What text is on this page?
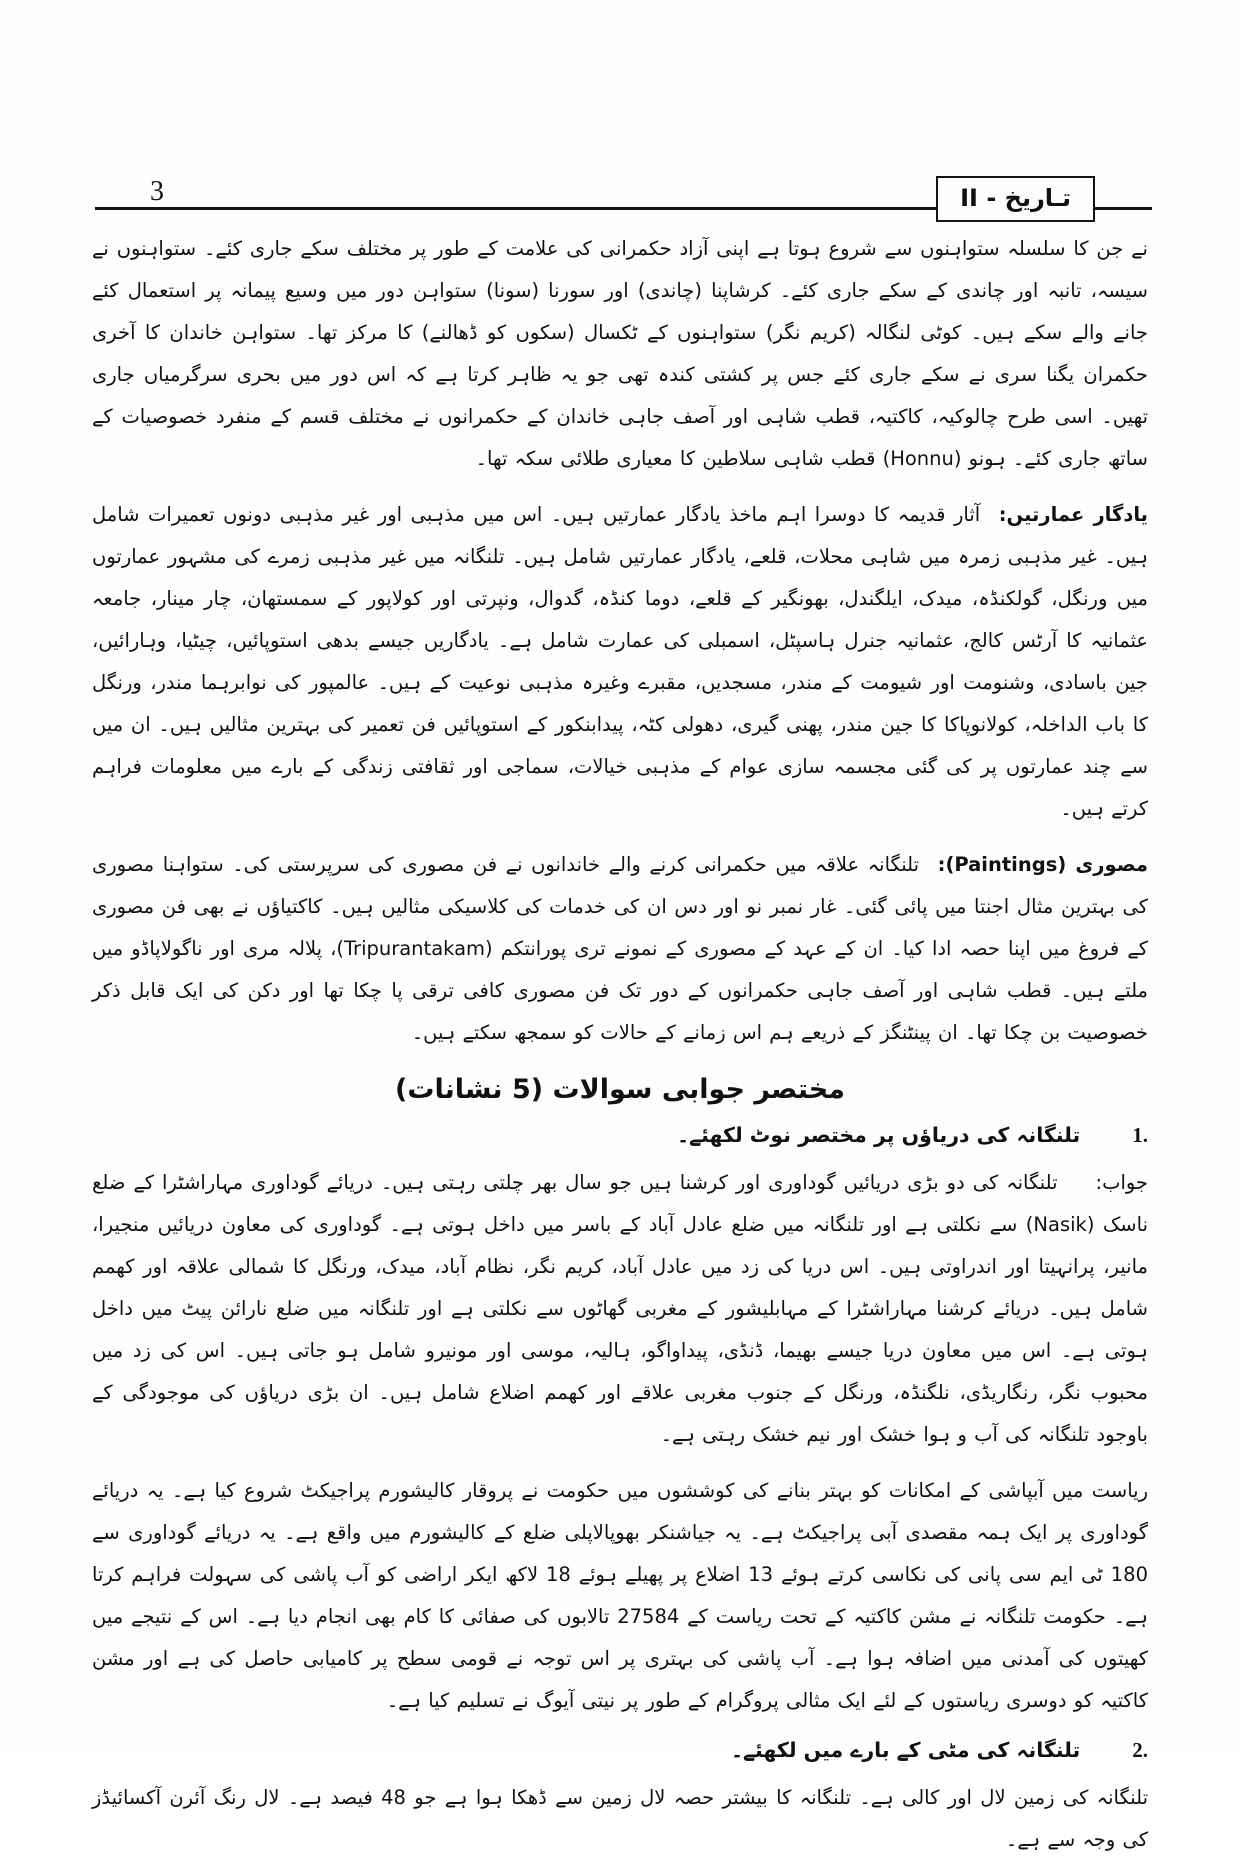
3	تـاریخ - II

نے جن کا سلسلہ ستواہنوں سے شروع ہوتا ہے اپنی آزاد حکمرانی کی علامت کے طور پر مختلف سکے جاری کئے۔ ستواہنوں نے سیسہ، تانبہ اور چاندی کے سکے جاری کئے۔ کرشاپنا (چاندی) اور سورنا (سونا) ستواہن دور میں وسیع پیمانہ پر استعمال کئے جانے والے سکے ہیں۔ کوٹی لنگالہ (کریم نگر) ستواہنوں کے ٹکسال (سکوں کو ڈھالنے) کا مرکز تھا۔ ستواہن خاندان کا آخری حکمران یگنا سری نے سکے جاری کئے جس پر کشتی کندہ تھی جو یہ ظاہر کرتا ہے کہ اس دور میں بحری سرگرمیاں جاری تھیں۔ اسی طرح چالوکیہ، کاکتیہ، قطب شاہی اور آصف جاہی خاندان کے حکمرانوں نے مختلف قسم کے منفرد خصوصیات کے ساتھ جاری کئے۔ ہونو (Honnu) قطب شاہی سلاطین کا معیاری طلائی سکہ تھا۔

یادگار عمارتیں: آثار قدیمہ کا دوسرا اہم ماخذ یادگار عمارتیں ہیں۔ اس میں مذہبی اور غیر مذہبی دونوں تعمیرات شامل ہیں۔ غیر مذہبی زمرہ میں شاہی محلات، قلعے، یادگار عمارتیں شامل ہیں۔ تلنگانہ میں غیر مذہبی زمرے کی مشہور عمارتوں میں ورنگل، گولکنڈہ، میدک، ایلگندل، بھونگیر کے قلعے، دوما کنڈہ، گدوال، ونپرتی اور کولاپور کے سمستھان، چار مینار، جامعہ عثمانیہ کا آرٹس کالج، عثمانیہ جنرل ہاسپٹل، اسمبلی کی عمارت شامل ہے۔ یادگاریں جیسے بدھی استوپائیں، چیٹیا، وہارائیں، جین باسادی، وشنومت اور شیومت کے مندر، مسجدیں، مقبرے وغیرہ مذہبی نوعیت کے ہیں۔ عالمپور کی نوابرہما مندر، ورنگل کا باب الداخلہ، کولانوپاکا کا جین مندر، پھنی گیری، دھولی کٹہ، پیدابنکور کے استوپائیں فن تعمیر کی بہترین مثالیں ہیں۔ ان میں سے چند عمارتوں پر کی گئی مجسمہ سازی عوام کے مذہبی خیالات، سماجی اور ثقافتی زندگی کے بارے میں معلومات فراہم کرتے ہیں۔

مصوری (Paintings): تلنگانہ علاقہ میں حکمرانی کرنے والے خاندانوں نے فن مصوری کی سرپرستی کی۔ ستواہنا مصوری کی بہترین مثال اجنتا میں پائی گئی۔ غار نمبر نو اور دس ان کی خدمات کی کلاسیکی مثالیں ہیں۔ کاکتیاؤں نے بھی فن مصوری کے فروغ میں اپنا حصہ ادا کیا۔ ان کے عہد کے مصوری کے نمونے تری پورانتکم (Tripurantakam)، پلالہ مری اور ناگولاپاڈو میں ملتے ہیں۔ قطب شاہی اور آصف جاہی حکمرانوں کے دور تک فن مصوری کافی ترقی پا چکا تھا اور دکن کی ایک قابل ذکر خصوصیت بن چکا تھا۔ ان پینٹنگز کے ذریعے ہم اس زمانے کے حالات کو سمجھ سکتے ہیں۔

مختصر جوابی سوالات (5 نشانات)
1.
تلنگانہ کی دریاؤں پر مختصر نوٹ لکھئے۔

جواب: تلنگانہ کی دو بڑی دریائیں گوداوری اور کرشنا ہیں جو سال بھر چلتی رہتی ہیں۔ دریائے گوداوری مہاراشٹرا کے ضلع ناسک (Nasik) سے نکلتی ہے اور تلنگانہ میں ضلع عادل آباد کے باسر میں داخل ہوتی ہے۔ گوداوری کی معاون دریائیں منجیرا، مانیر، پرانہیتا اور اندراوتی ہیں۔ اس دریا کی زد میں عادل آباد، کریم نگر، نظام آباد، میدک، ورنگل کا شمالی علاقہ اور کھمم شامل ہیں۔ دریائے کرشنا مہاراشٹرا کے مہابلیشور کے مغربی گھاٹوں سے نکلتی ہے اور تلنگانہ میں ضلع نارائن پیٹ میں داخل ہوتی ہے۔ اس میں معاون دریا جیسے بھیما، ڈنڈی، پیداواگو، ہالیہ، موسی اور مونیرو شامل ہو جاتی ہیں۔ اس کی زد میں محبوب نگر، رنگاریڈی، نلگنڈہ، ورنگل کے جنوب مغربی علاقے اور کھمم اضلاع شامل ہیں۔ ان بڑی دریاؤں کی موجودگی کے باوجود تلنگانہ کی آب و ہوا خشک اور نیم خشک رہتی ہے۔

ریاست میں آبپاشی کے امکانات کو بہتر بنانے کی کوششوں میں حکومت نے پروقار کالیشورم پراجیکٹ شروع کیا ہے۔ یہ دریائے گوداوری پر ایک ہمہ مقصدی آبی پراجیکٹ ہے۔ یہ جیاشنکر بھوپالاپلی ضلع کے کالیشورم میں واقع ہے۔ یہ دریائے گوداوری سے 180 ٹی ایم سی پانی کی نکاسی کرتے ہوئے 13 اضلاع پر پھیلے ہوئے 18 لاکھ ایکر اراضی کو آب پاشی کی سہولت فراہم کرتا ہے۔ حکومت تلنگانہ نے مشن کاکتیہ کے تحت ریاست کے 27584 تالابوں کی صفائی کا کام بھی انجام دیا ہے۔ اس کے نتیجے میں کھیتوں کی آمدنی میں اضافہ ہوا ہے۔ آب پاشی کی بہتری پر اس توجہ نے قومی سطح پر کامیابی حاصل کی ہے اور مشن کاکتیہ کو دوسری ریاستوں کے لئے ایک مثالی پروگرام کے طور پر نیتی آیوگ نے تسلیم کیا ہے۔

2.
تلنگانہ کی مٹی کے بارے میں لکھئے۔

تلنگانہ کی زمین لال اور کالی ہے۔ تلنگانہ کا بیشتر حصہ لال زمین سے ڈھکا ہوا ہے جو 48 فیصد ہے۔ لال رنگ آئرن آکسائیڈز کی وجہ سے ہے۔
